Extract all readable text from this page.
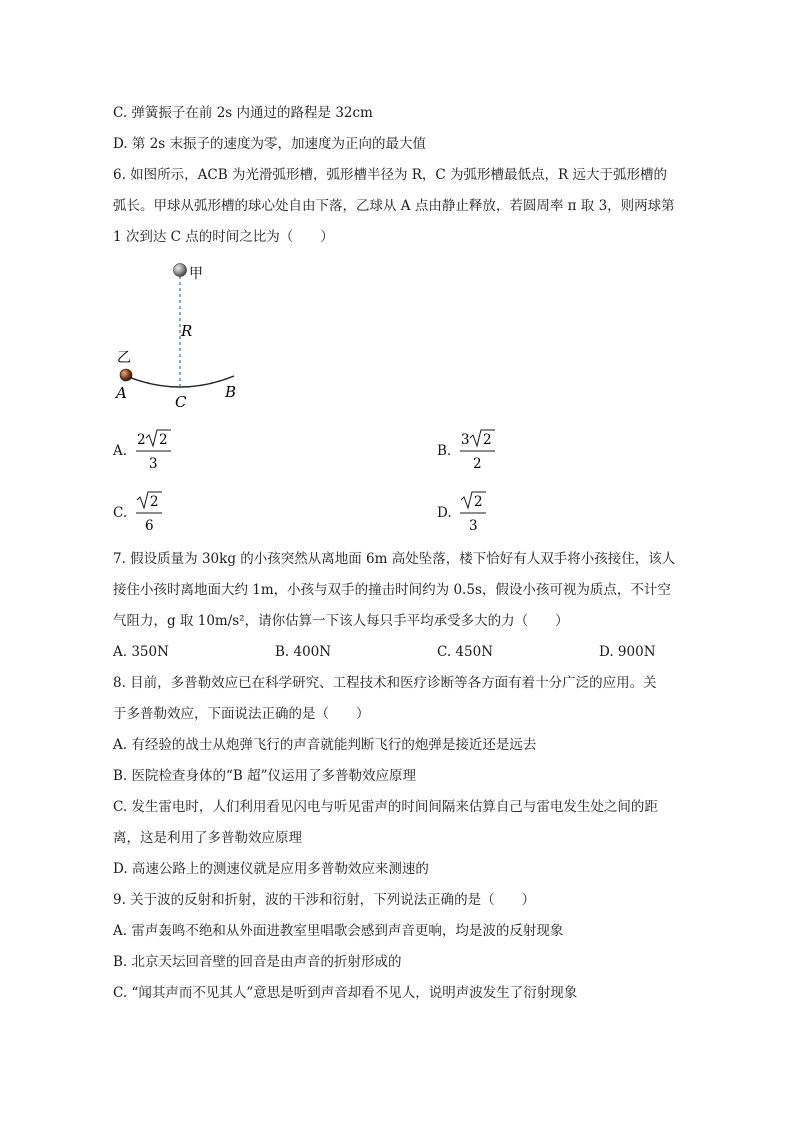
C. 弹簧振子在前 2s 内通过的路程是 32cm
D. 第 2s 末振子的速度为零，加速度为正向的最大值
6. 如图所示，ACB 为光滑弧形槽，弧形槽半径为 R，C 为弧形槽最低点，R 远大于弧形槽的
弧长。甲球从弧形槽的球心处自由下落，乙球从 A 点由静止释放，若圆周率 π 取 3，则两球第
1 次到达 C 点的时间之比为（　　）
甲
乙
R
A	C
B
A.
2 2
3
B.
3 2
2
C.
2
6
D.
2
3
7. 假设质量为 30kg 的小孩突然从离地面 6m 高处坠落，楼下恰好有人双手将小孩接住，该人
接住小孩时离地面大约 1m，小孩与双手的撞击时间约为 0.5s，假设小孩可视为质点，不计空
气阻力，g 取 10m/s²，请你估算一下该人每只手平均承受多大的力（　　）
A. 350N	B. 400N	C. 450N	D. 900N
8. 目前，多普勒效应已在科学研究、工程技术和医疗诊断等各方面有着十分广泛的应用。关
于多普勒效应，下面说法正确的是（　　）
A. 有经验的战士从炮弹飞行的声音就能判断飞行的炮弹是接近还是远去
B. 医院检查身体的“B 超”仪运用了多普勒效应原理
C. 发生雷电时，人们利用看见闪电与听见雷声的时间间隔来估算自己与雷电发生处之间的距
离，这是利用了多普勒效应原理
D. 高速公路上的测速仪就是应用多普勒效应来测速的
9. 关于波的反射和折射，波的干涉和衍射，下列说法正确的是（　　）
A. 雷声轰鸣不绝和从外面进教室里唱歌会感到声音更响，均是波的反射现象
B. 北京天坛回音壁的回音是由声音的折射形成的
C. “闻其声而不见其人”意思是听到声音却看不见人，说明声波发生了衍射现象
